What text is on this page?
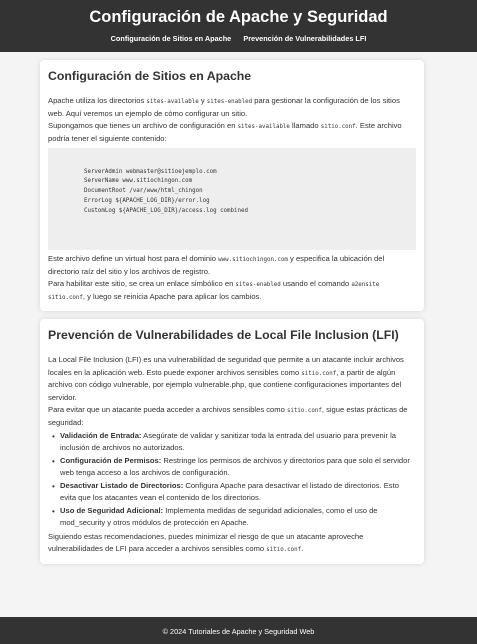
Configuración de Apache y Seguridad
Configuración de Sitios en Apache Prevención de Vulnerabilidades LFI
Configuración de Sitios en Apache

Apache utiliza los directorios sites-available y sites-enabled para gestionar la configuración de los sitios web. Aquí veremos un ejemplo de cómo configurar un sitio.

Supongamos que tienes un archivo de configuración en sites-available llamado sitio.conf. Este archivo podría tener el siguiente contenido:

ServerAdmin webmaster@sitioejemplo.com
ServerName www.sitiochingon.com
DocumentRoot /var/www/html_chingon
ErrorLog ${APACHE_LOG_DIR}/error.log
CustomLog ${APACHE_LOG_DIR}/access.log combined

Este archivo define un virtual host para el dominio www.sitiochingon.com y especifica la ubicación del directorio raíz del sitio y los archivos de registro.

Para habilitar este sitio, se crea un enlace simbólico en sites-enabled usando el comando a2ensite sitio.conf, y luego se reinicia Apache para aplicar los cambios.

Prevención de Vulnerabilidades de Local File Inclusion (LFI)

La Local File Inclusion (LFI) es una vulnerabilidad de seguridad que permite a un atacante incluir archivos locales en la aplicación web. Esto puede exponer archivos sensibles como sitio.conf, a partir de algún archivo con código vulnerable, por ejemplo vulnerable.php, que contiene configuraciones importantes del servidor.

Para evitar que un atacante pueda acceder a archivos sensibles como sitio.conf, sigue estas prácticas de seguridad:

• Validación de Entrada: Asegúrate de validar y sanitizar toda la entrada del usuario para prevenir la inclusión de archivos no autorizados.
• Configuración de Permisos: Restringe los permisos de archivos y directorios para que solo el servidor web tenga acceso a los archivos de configuración.
• Desactivar Listado de Directorios: Configura Apache para desactivar el listado de directorios. Esto evita que los atacantes vean el contenido de los directorios.
• Uso de Seguridad Adicional: Implementa medidas de seguridad adicionales, como el uso de mod_security y otros módulos de protección en Apache.

Siguiendo estas recomendaciones, puedes minimizar el riesgo de que un atacante aproveche vulnerabilidades de LFI para acceder a archivos sensibles como sitio.conf.

© 2024 Tutoriales de Apache y Seguridad Web
